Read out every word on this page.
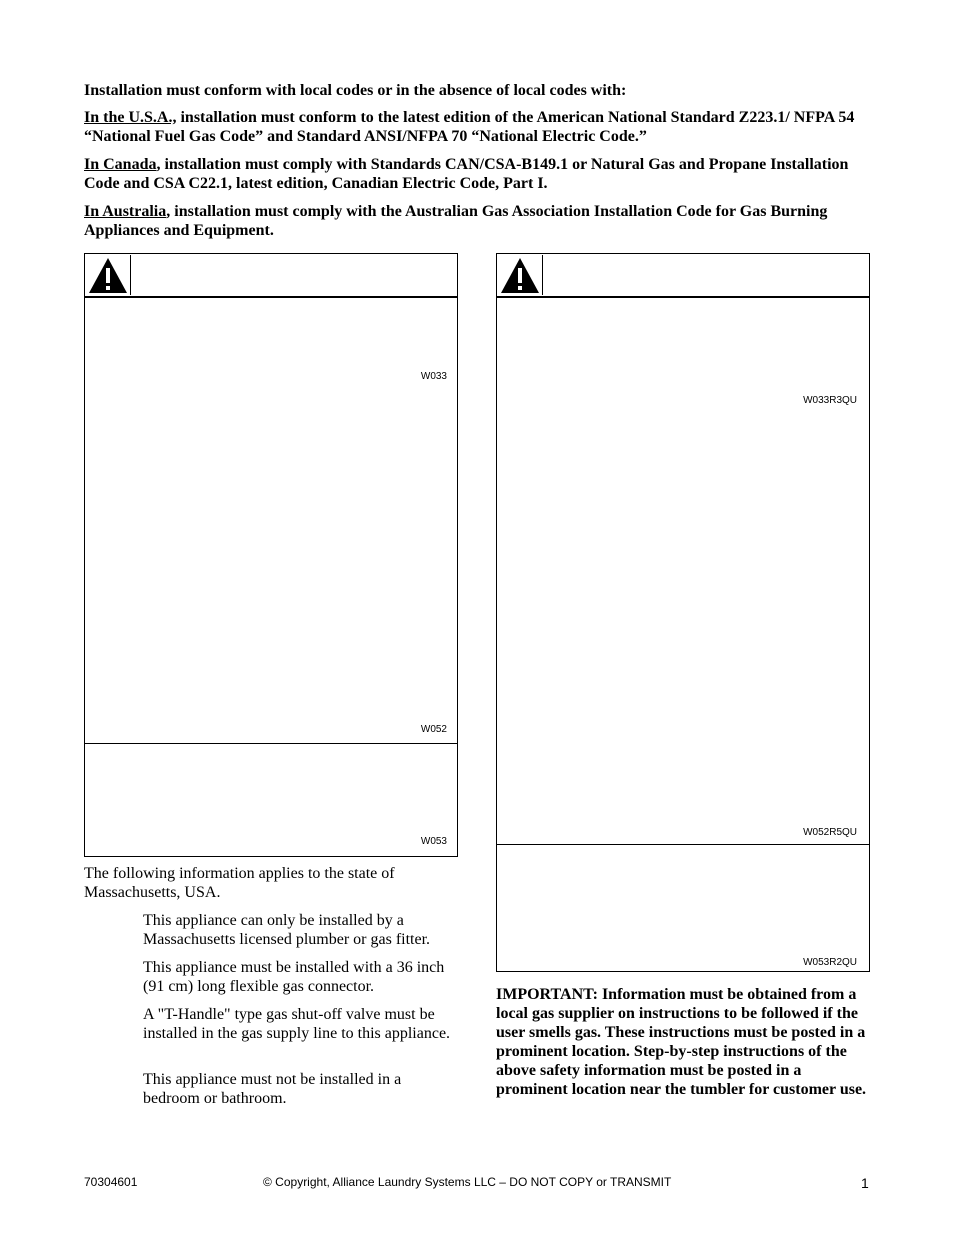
Installation must conform with local codes or in the absence of local codes with:
In the U.S.A., installation must conform to the latest edition of the American National Standard Z223.1/ NFPA 54 “National Fuel Gas Code” and Standard ANSI/NFPA 70 “National Electric Code.”
In Canada, installation must comply with Standards CAN/CSA-B149.1 or Natural Gas and Propane Installation Code and CSA C22.1, latest edition, Canadian Electric Code, Part I.
In Australia, installation must comply with the Australian Gas Association Installation Code for Gas Burning Appliances and Equipment.
W033
W052
W053
W033R3QU
W052R5QU
W053R2QU
The following information applies to the state of Massachusetts, USA.
This appliance can only be installed by a Massachusetts licensed plumber or gas fitter.
This appliance must be installed with a 36 inch (91 cm) long flexible gas connector.
A "T-Handle" type gas shut-off valve must be installed in the gas supply line to this appliance.
This appliance must not be installed in a bedroom or bathroom.
IMPORTANT: Information must be obtained from a local gas supplier on instructions to be followed if the user smells gas. These instructions must be posted in a prominent location. Step-by-step instructions of the above safety information must be posted in a prominent location near the tumbler for customer use.
70304601	© Copyright, Alliance Laundry Systems LLC – DO NOT COPY or TRANSMIT	1
